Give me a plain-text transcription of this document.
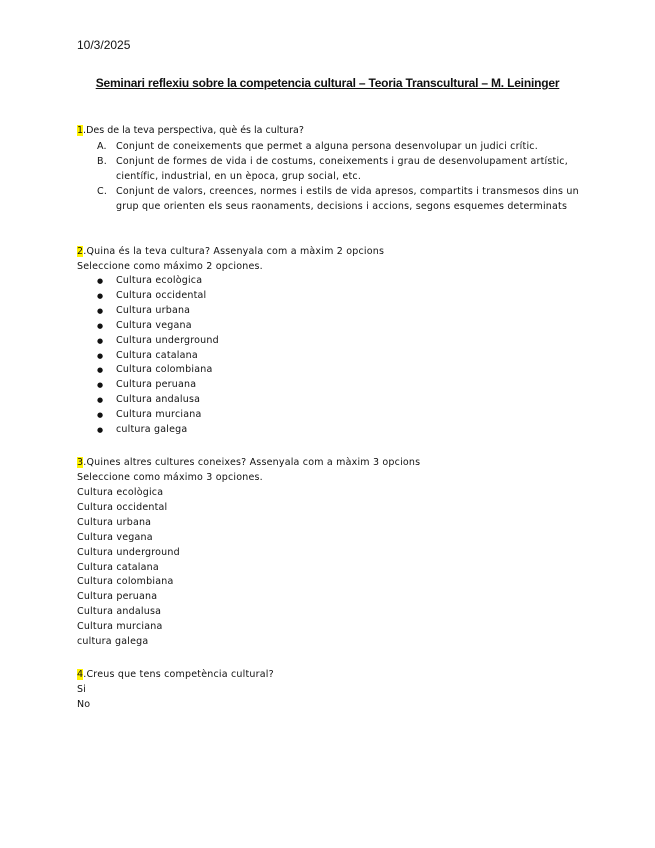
10/3/2025
Seminari reflexiu sobre la competencia cultural – Teoria Transcultural – M. Leininger
1.Des de la teva perspectiva, què és la cultura?
A. Conjunt de coneixements que permet a alguna persona desenvolupar un judici crític.
B. Conjunt de formes de vida i de costums, coneixements i grau de desenvolupament artístic, científic, industrial, en un època, grup social, etc.
C. Conjunt de valors, creences, normes i estils de vida apresos, compartits i transmesos dins un grup que orienten els seus raonaments, decisions i accions, segons esquemes determinats
2.Quina és la teva cultura? Assenyala com a màxim 2 opcions
Seleccione como máximo 2 opciones.
● Cultura ecològica
● Cultura occidental
● Cultura urbana
● Cultura vegana
● Cultura underground
● Cultura catalana
● Cultura colombiana
● Cultura peruana
● Cultura andalusa
● Cultura murciana
● cultura galega
3.Quines altres cultures coneixes? Assenyala com a màxim 3 opcions
Seleccione como máximo 3 opciones.
Cultura ecològica
Cultura occidental
Cultura urbana
Cultura vegana
Cultura underground
Cultura catalana
Cultura colombiana
Cultura peruana
Cultura andalusa
Cultura murciana
cultura galega
4.Creus que tens competència cultural?
Si
No
